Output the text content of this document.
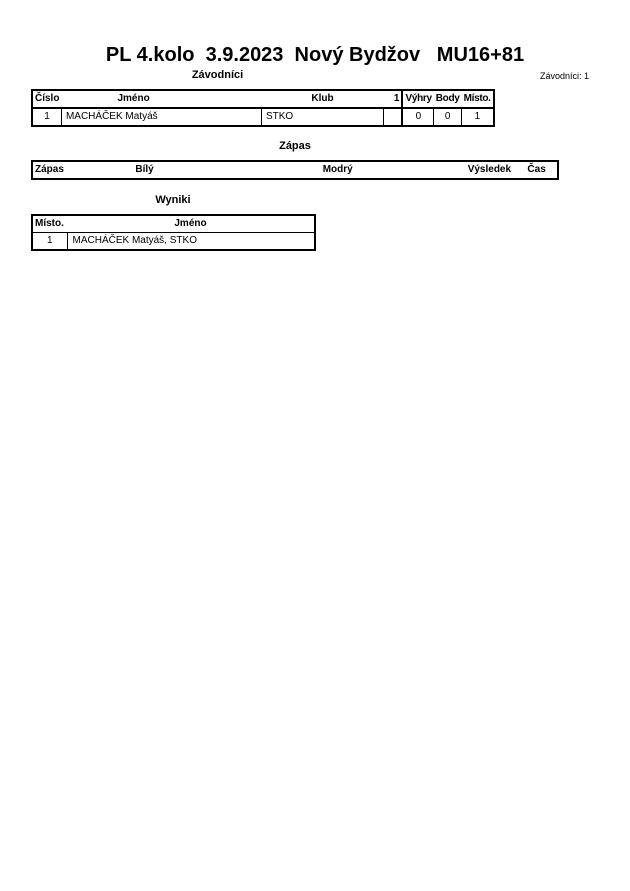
PL 4.kolo  3.9.2023  Nový Bydžov   MU16+81
Závodníci	Závodníci: 1
Číslo	Jméno	Klub	1	Výhry	Body	Místo.
1	MACHÁČEK Matyáš	STKO		0	0	1
Zápas
Zápas	Bílý	Modrý	Výsledek	Čas
Wyniki
Místo.	Jméno
1	MACHÁČEK Matyáš, STKO
